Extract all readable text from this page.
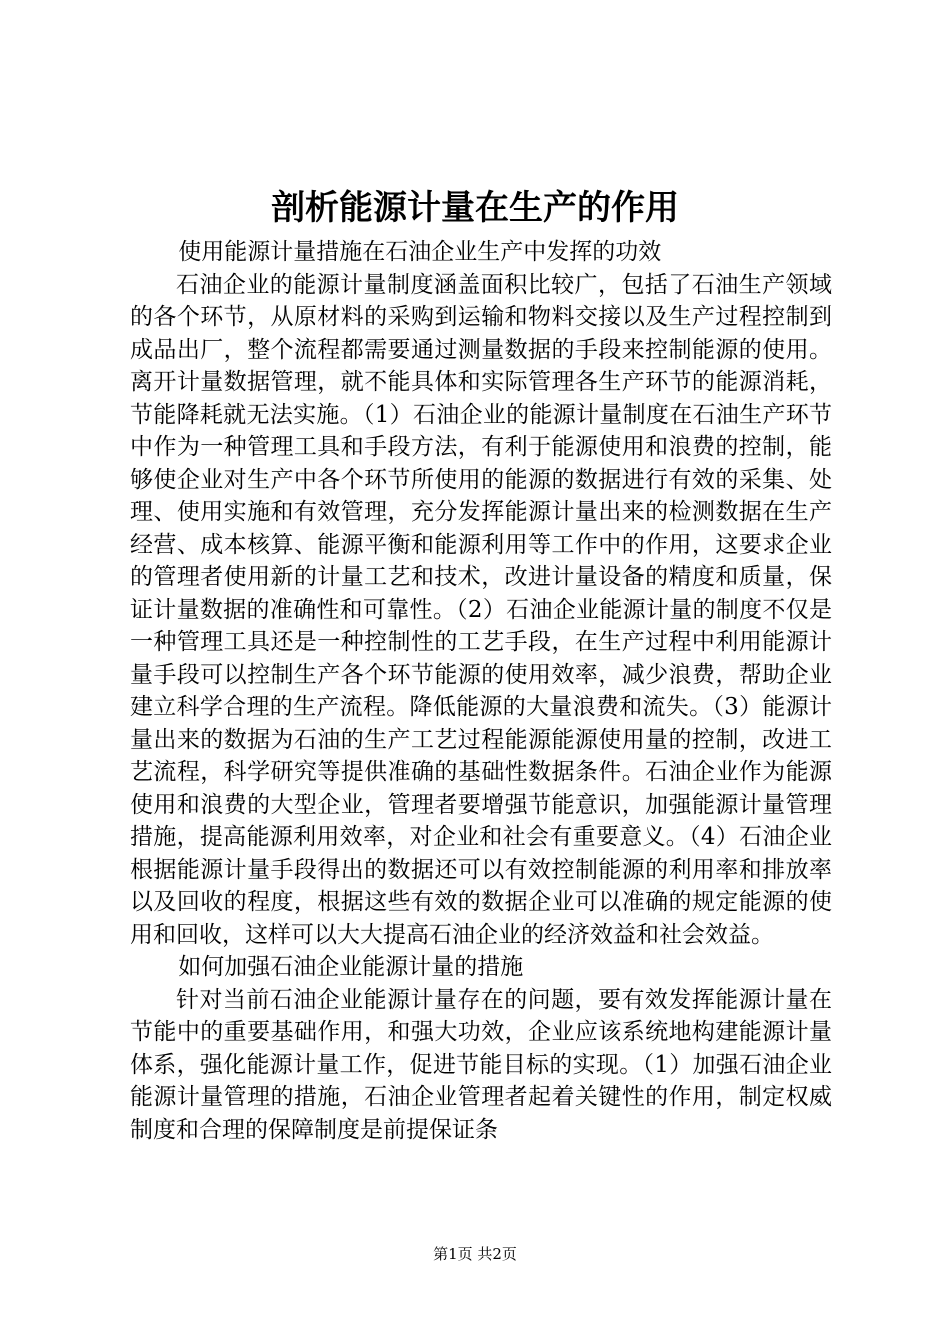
剖析能源计量在生产的作用

使用能源计量措施在石油企业生产中发挥的功效

石油企业的能源计量制度涵盖面积比较广，包括了石油生产领域的各个环节，从原材料的采购到运输和物料交接以及生产过程控制到成品出厂，整个流程都需要通过测量数据的手段来控制能源的使用。离开计量数据管理，就不能具体和实际管理各生产环节的能源消耗，节能降耗就无法实施。（1）石油企业的能源计量制度在石油生产环节中作为一种管理工具和手段方法，有利于能源使用和浪费的控制，能够使企业对生产中各个环节所使用的能源的数据进行有效的采集、处理、使用实施和有效管理，充分发挥能源计量出来的检测数据在生产经营、成本核算、能源平衡和能源利用等工作中的作用，这要求企业的管理者使用新的计量工艺和技术，改进计量设备的精度和质量，保证计量数据的准确性和可靠性。（2）石油企业能源计量的制度不仅是一种管理工具还是一种控制性的工艺手段，在生产过程中利用能源计量手段可以控制生产各个环节能源的使用效率，减少浪费，帮助企业建立科学合理的生产流程。降低能源的大量浪费和流失。（3）能源计量出来的数据为石油的生产工艺过程能源能源使用量的控制，改进工艺流程，科学研究等提供准确的基础性数据条件。石油企业作为能源使用和浪费的大型企业，管理者要增强节能意识，加强能源计量管理措施，提高能源利用效率，对企业和社会有重要意义。（4）石油企业根据能源计量手段得出的数据还可以有效控制能源的利用率和排放率以及回收的程度，根据这些有效的数据企业可以准确的规定能源的使用和回收，这样可以大大提高石油企业的经济效益和社会效益。

如何加强石油企业能源计量的措施

针对当前石油企业能源计量存在的问题，要有效发挥能源计量在节能中的重要基础作用，和强大功效，企业应该系统地构建能源计量体系，强化能源计量工作，促进节能目标的实现。（1）加强石油企业能源计量管理的措施，石油企业管理者起着关键性的作用，制定权威制度和合理的保障制度是前提保证条

第1页 共2页
